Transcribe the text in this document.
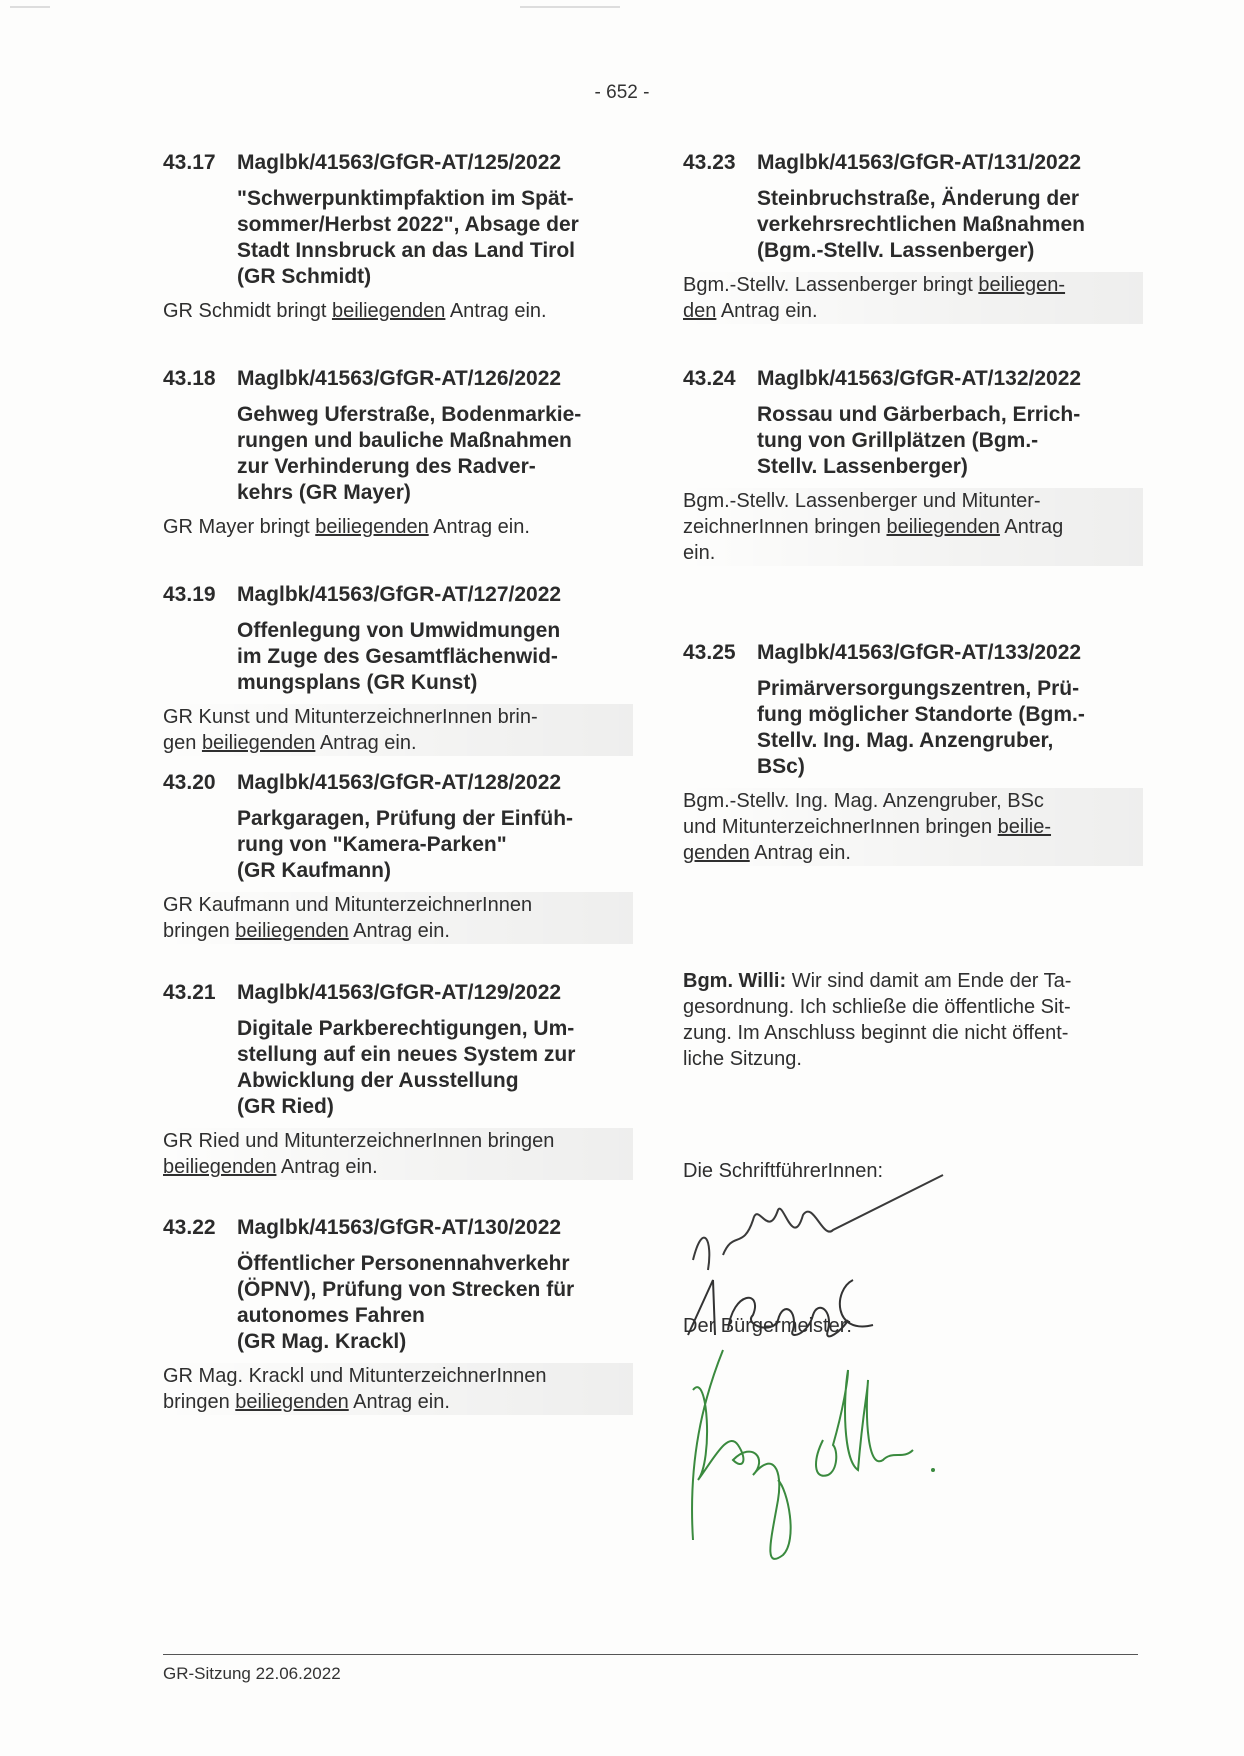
- 652 -
43.17 Maglbk/41563/GfGR-AT/125/2022
"Schwerpunktimpfaktion im Spät-
sommer/Herbst 2022", Absage der
Stadt Innsbruck an das Land Tirol
(GR Schmidt)
GR Schmidt bringt beiliegenden Antrag ein.
43.18 Maglbk/41563/GfGR-AT/126/2022
Gehweg Uferstraße, Bodenmarkie-
rungen und bauliche Maßnahmen
zur Verhinderung des Radver-
kehrs (GR Mayer)
GR Mayer bringt beiliegenden Antrag ein.
43.19 Maglbk/41563/GfGR-AT/127/2022
Offenlegung von Umwidmungen
im Zuge des Gesamtflächenwid-
mungsplans (GR Kunst)
GR Kunst und MitunterzeichnerInnen brin-
gen beiliegenden Antrag ein.
43.20 Maglbk/41563/GfGR-AT/128/2022
Parkgaragen, Prüfung der Einfüh-
rung von "Kamera-Parken"
(GR Kaufmann)
GR Kaufmann und MitunterzeichnerInnen
bringen beiliegenden Antrag ein.
43.21 Maglbk/41563/GfGR-AT/129/2022
Digitale Parkberechtigungen, Um-
stellung auf ein neues System zur
Abwicklung der Ausstellung
(GR Ried)
GR Ried und MitunterzeichnerInnen bringen
beiliegenden Antrag ein.
43.22 Maglbk/41563/GfGR-AT/130/2022
Öffentlicher Personennahverkehr
(ÖPNV), Prüfung von Strecken für
autonomes Fahren
(GR Mag. Krackl)
GR Mag. Krackl und MitunterzeichnerInnen
bringen beiliegenden Antrag ein.
43.23 Maglbk/41563/GfGR-AT/131/2022
Steinbruchstraße, Änderung der
verkehrsrechtlichen Maßnahmen
(Bgm.-Stellv. Lassenberger)
Bgm.-Stellv. Lassenberger bringt beiliegen-
den Antrag ein.
43.24 Maglbk/41563/GfGR-AT/132/2022
Rossau und Gärberbach, Errich-
tung von Grillplätzen (Bgm.-
Stellv. Lassenberger)
Bgm.-Stellv. Lassenberger und Mitunter-
zeichnerInnen bringen beiliegenden Antrag
ein.
43.25 Maglbk/41563/GfGR-AT/133/2022
Primärversorgungszentren, Prü-
fung möglicher Standorte (Bgm.-
Stellv. Ing. Mag. Anzengruber,
BSc)
Bgm.-Stellv. Ing. Mag. Anzengruber, BSc
und MitunterzeichnerInnen bringen beilie-
genden Antrag ein.
Bgm. Willi: Wir sind damit am Ende der Ta-
gesordnung. Ich schließe die öffentliche Sit-
zung. Im Anschluss beginnt die nicht öffent-
liche Sitzung.
Die SchriftführerInnen:
Der Bürgermeister:
GR-Sitzung 22.06.2022
